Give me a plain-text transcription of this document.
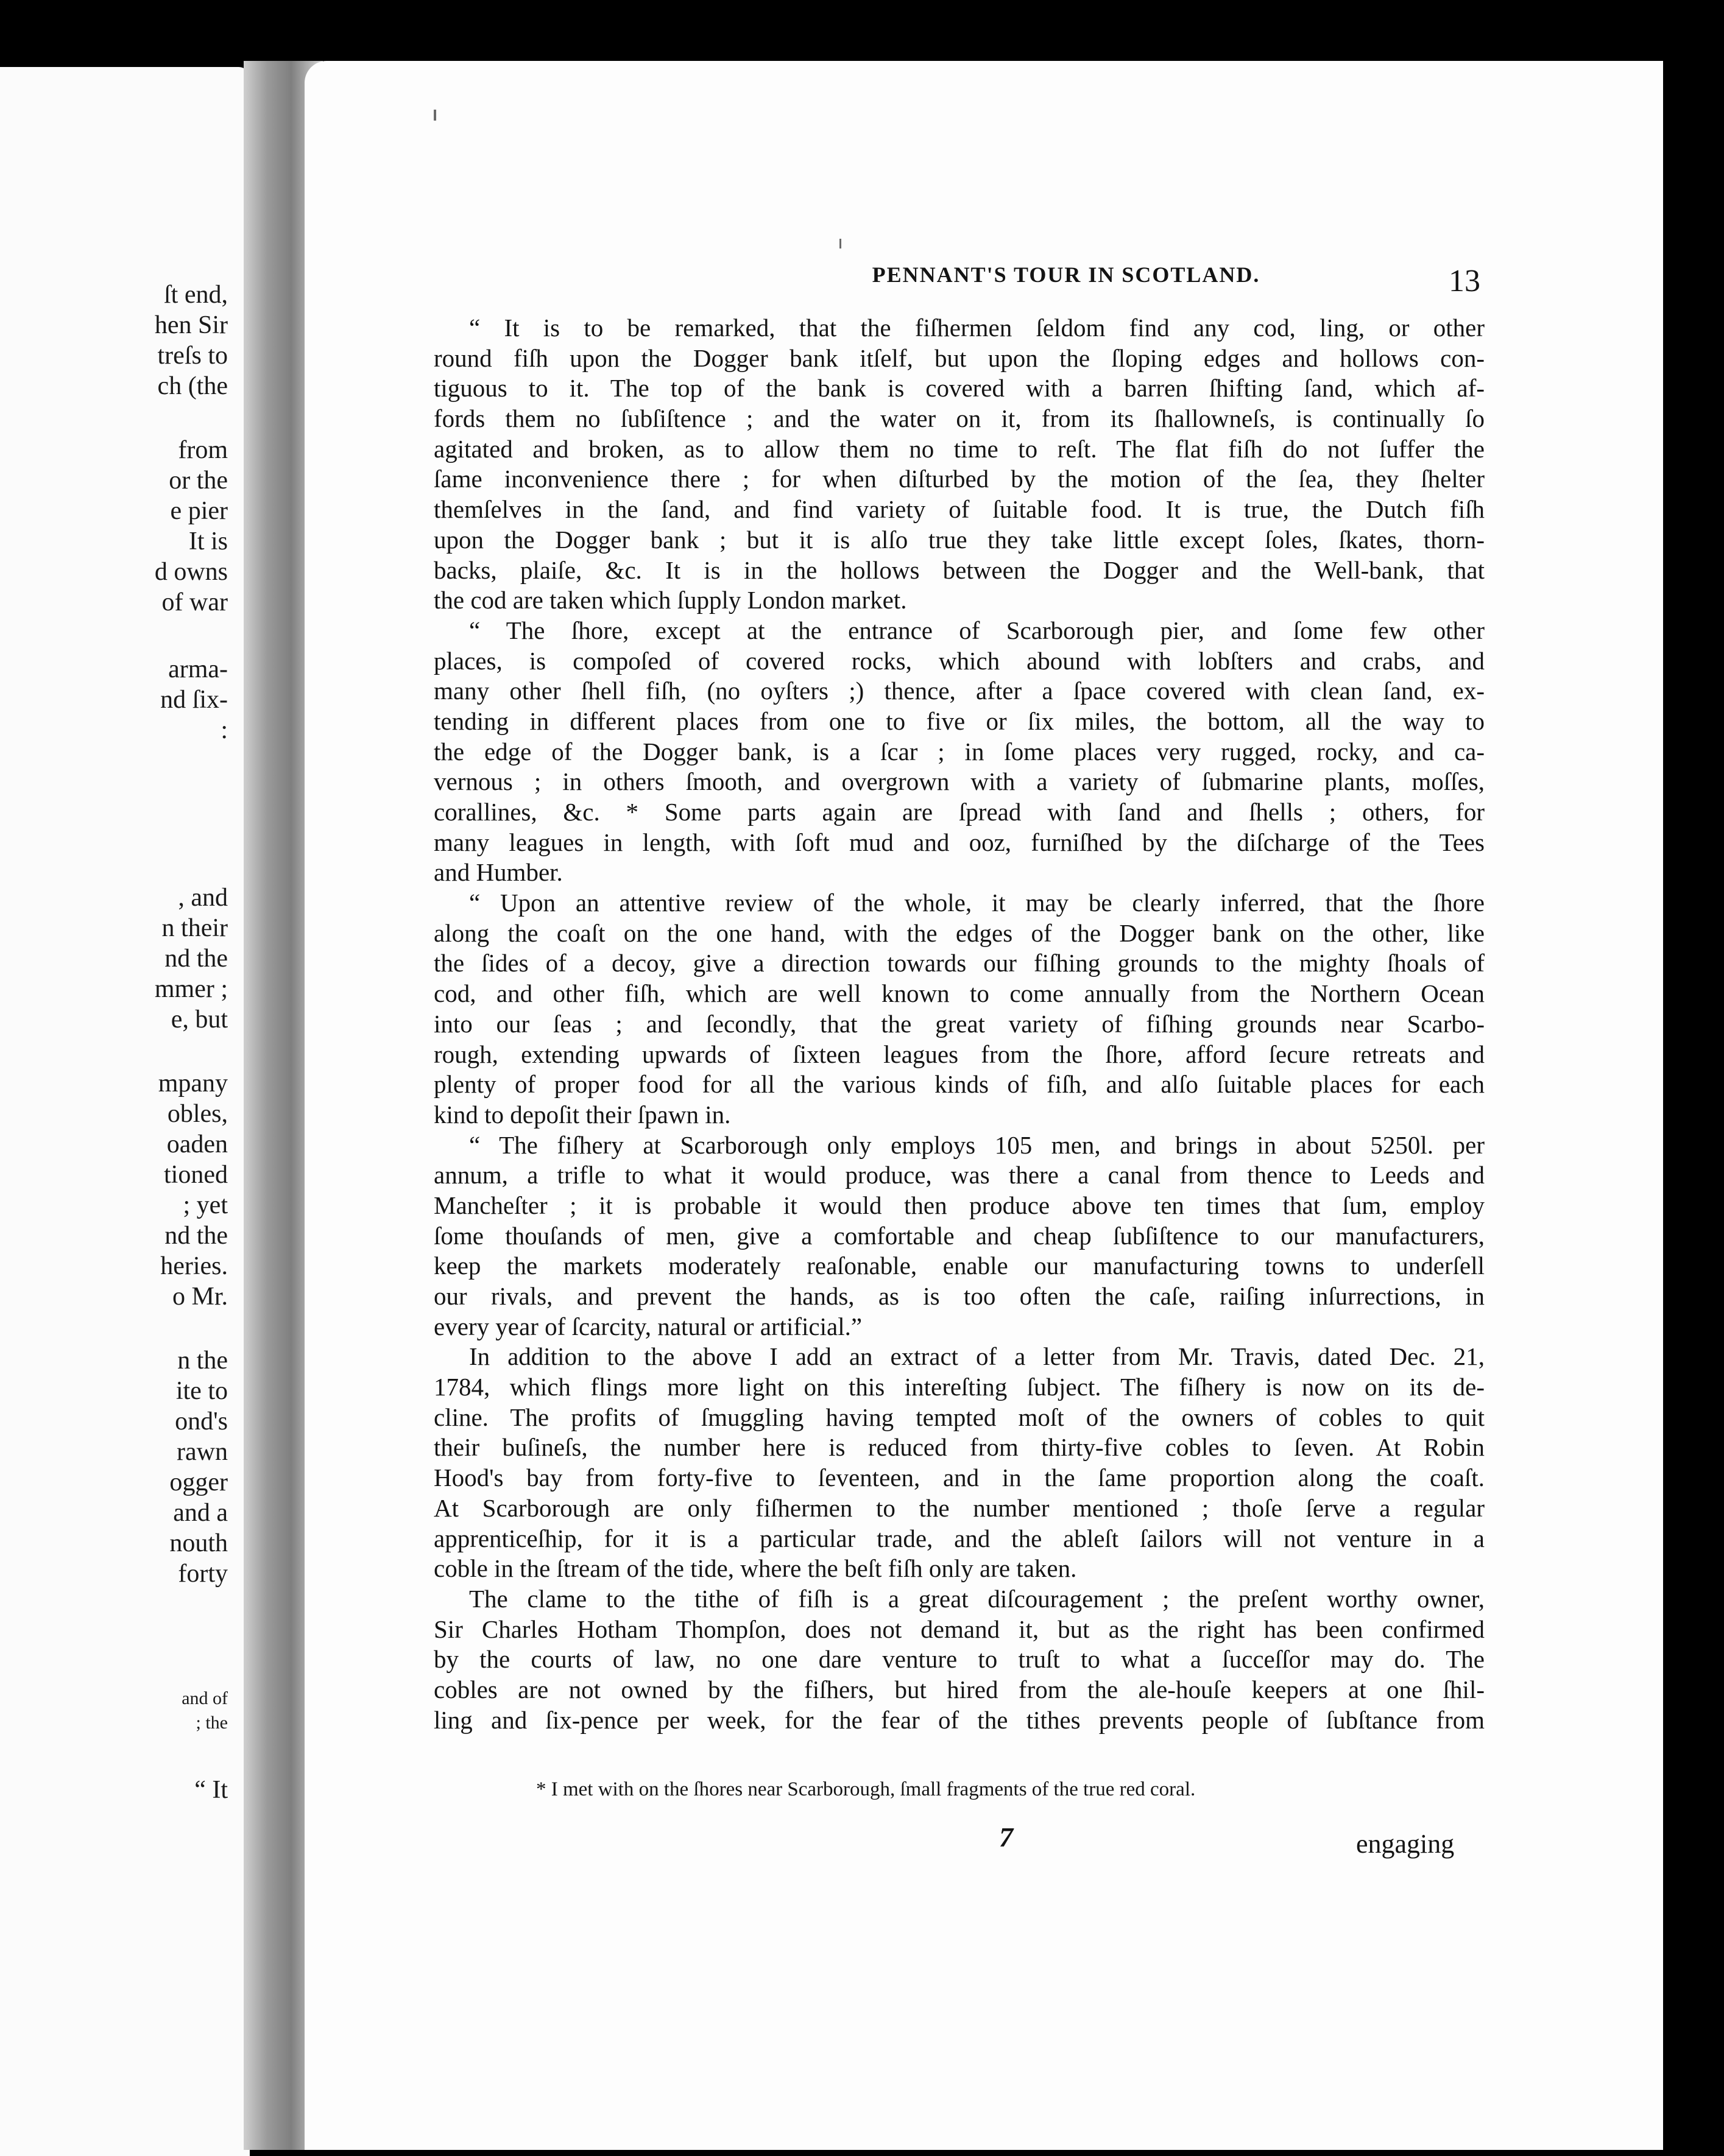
ſt end,
hen Sir
treſs to
ch (the
from
or the
e pier
It is
d owns
of war
arma-
nd ſix-
:
, and
n their
nd the
mmer ;
e, but
mpany
obles,
oaden
tioned
; yet
nd the
heries.
o Mr.
n the
ite to
ond's
rawn
ogger
and a
nouth
forty
and of
; the
“ It
PENNANT'S TOUR IN SCOTLAND.	13
“ It is to be remarked, that the fiſhermen ſeldom find any cod, ling, or other
round fiſh upon the Dogger bank itſelf, but upon the ſloping edges and hollows con-
tiguous to it. The top of the bank is covered with a barren ſhifting ſand, which af-
fords them no ſubſiſtence ; and the water on it, from its ſhallowneſs, is continually ſo
agitated and broken, as to allow them no time to reſt. The flat fiſh do not ſuffer the
ſame inconvenience there ; for when diſturbed by the motion of the ſea, they ſhelter
themſelves in the ſand, and find variety of ſuitable food. It is true, the Dutch fiſh
upon the Dogger bank ; but it is alſo true they take little except ſoles, ſkates, thorn-
backs, plaiſe, &c. It is in the hollows between the Dogger and the Well-bank, that
the cod are taken which ſupply London market.
“ The ſhore, except at the entrance of Scarborough pier, and ſome few other
places, is compoſed of covered rocks, which abound with lobſters and crabs, and
many other ſhell fiſh, (no oyſters ;) thence, after a ſpace covered with clean ſand, ex-
tending in different places from one to five or ſix miles, the bottom, all the way to
the edge of the Dogger bank, is a ſcar ; in ſome places very rugged, rocky, and ca-
vernous ; in others ſmooth, and overgrown with a variety of ſubmarine plants, moſſes,
corallines, &c. * Some parts again are ſpread with ſand and ſhells ; others, for
many leagues in length, with ſoft mud and ooz, furniſhed by the diſcharge of the Tees
and Humber.
“ Upon an attentive review of the whole, it may be clearly inferred, that the ſhore
along the coaſt on the one hand, with the edges of the Dogger bank on the other, like
the ſides of a decoy, give a direction towards our fiſhing grounds to the mighty ſhoals of
cod, and other fiſh, which are well known to come annually from the Northern Ocean
into our ſeas ; and ſecondly, that the great variety of fiſhing grounds near Scarbo-
rough, extending upwards of ſixteen leagues from the ſhore, afford ſecure retreats and
plenty of proper food for all the various kinds of fiſh, and alſo ſuitable places for each
kind to depoſit their ſpawn in.
“ The fiſhery at Scarborough only employs 105 men, and brings in about 5250l. per
annum, a trifle to what it would produce, was there a canal from thence to Leeds and
Mancheſter ; it is probable it would then produce above ten times that ſum, employ
ſome thouſands of men, give a comfortable and cheap ſubſiſtence to our manufacturers,
keep the markets moderately reaſonable, enable our manufacturing towns to underſell
our rivals, and prevent the hands, as is too often the caſe, raiſing inſurrections, in
every year of ſcarcity, natural or artificial.”
In addition to the above I add an extract of a letter from Mr. Travis, dated Dec. 21,
1784, which flings more light on this intereſting ſubject. The fiſhery is now on its de-
cline. The profits of ſmuggling having tempted moſt of the owners of cobles to quit
their buſineſs, the number here is reduced from thirty-five cobles to ſeven. At Robin
Hood's bay from forty-five to ſeventeen, and in the ſame proportion along the coaſt.
At Scarborough are only fiſhermen to the number mentioned ; thoſe ſerve a regular
apprenticeſhip, for it is a particular trade, and the ableſt ſailors will not venture in a
coble in the ſtream of the tide, where the beſt fiſh only are taken.
The clame to the tithe of fiſh is a great diſcouragement ; the preſent worthy owner,
Sir Charles Hotham Thompſon, does not demand it, but as the right has been confirmed
by the courts of law, no one dare venture to truſt to what a ſucceſſor may do. The
cobles are not owned by the fiſhers, but hired from the ale-houſe keepers at one ſhil-
ling and ſix-pence per week, for the fear of the tithes prevents people of ſubſtance from
* I met with on the ſhores near Scarborough, ſmall fragments of the true red coral.
7	engaging
